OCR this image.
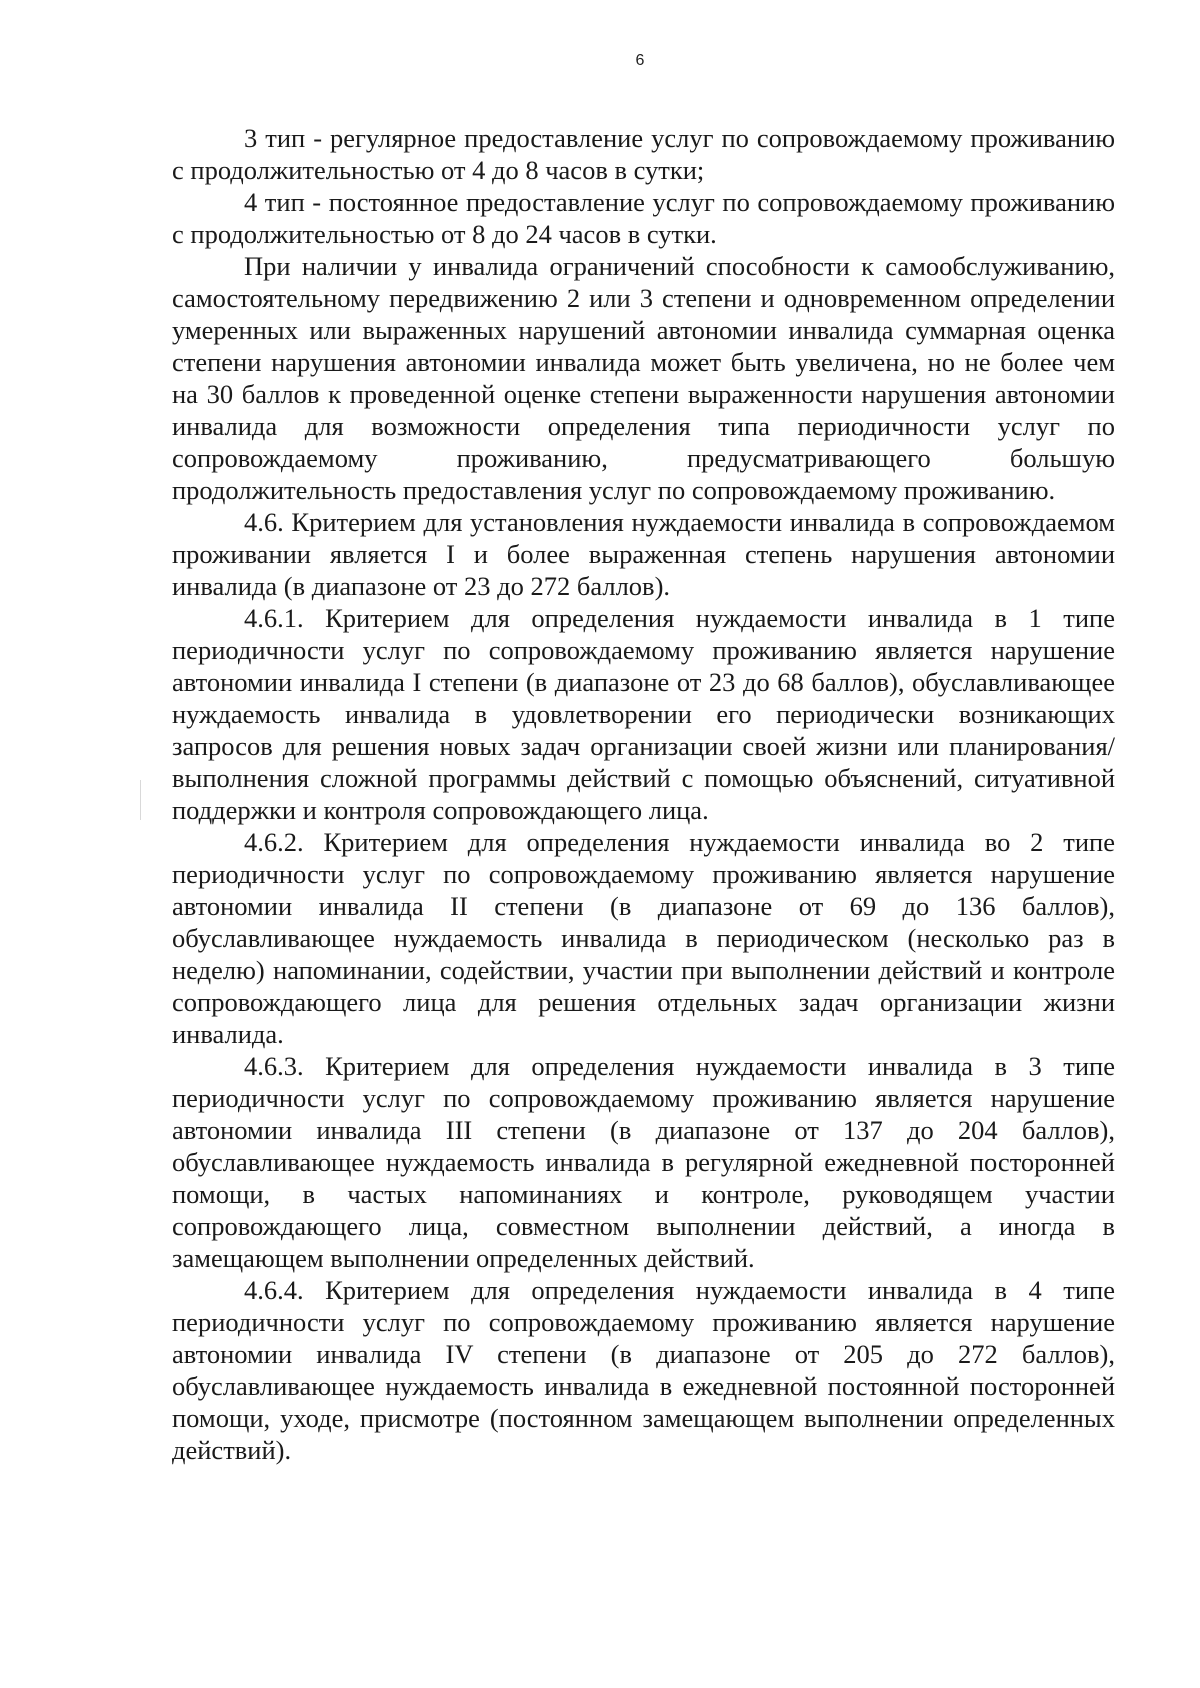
6

3 тип - регулярное предоставление услуг по сопровождаемому проживанию с продолжительностью от 4 до 8 часов в сутки;

4 тип - постоянное предоставление услуг по сопровождаемому проживанию с продолжительностью от 8 до 24 часов в сутки.

При наличии у инвалида ограничений способности к самообслуживанию, самостоятельному передвижению 2 или 3 степени и одновременном определении умеренных или выраженных нарушений автономии инвалида суммарная оценка степени нарушения автономии инвалида может быть увеличена, но не более чем на 30 баллов к проведенной оценке степени выраженности нарушения автономии инвалида для возможности определения типа периодичности услуг по сопровождаемому проживанию, предусматривающего большую продолжительность предоставления услуг по сопровождаемому проживанию.

4.6. Критерием для установления нуждаемости инвалида в сопровождаемом проживании является I и более выраженная степень нарушения автономии инвалида (в диапазоне от 23 до 272 баллов).

4.6.1. Критерием для определения нуждаемости инвалида в 1 типе периодичности услуг по сопровождаемому проживанию является нарушение автономии инвалида I степени (в диапазоне от 23 до 68 баллов), обуславливающее нуждаемость инвалида в удовлетворении его периодически возникающих запросов для решения новых задач организации своей жизни или планирования/выполнения сложной программы действий с помощью объяснений, ситуативной поддержки и контроля сопровождающего лица.

4.6.2. Критерием для определения нуждаемости инвалида во 2 типе периодичности услуг по сопровождаемому проживанию является нарушение автономии инвалида II степени (в диапазоне от 69 до 136 баллов), обуславливающее нуждаемость инвалида в периодическом (несколько раз в неделю) напоминании, содействии, участии при выполнении действий и контроле сопровождающего лица для решения отдельных задач организации жизни инвалида.

4.6.3. Критерием для определения нуждаемости инвалида в 3 типе периодичности услуг по сопровождаемому проживанию является нарушение автономии инвалида III степени (в диапазоне от 137 до 204 баллов), обуславливающее нуждаемость инвалида в регулярной ежедневной посторонней помощи, в частых напоминаниях и контроле, руководящем участии сопровождающего лица, совместном выполнении действий, а иногда в замещающем выполнении определенных действий.

4.6.4. Критерием для определения нуждаемости инвалида в 4 типе периодичности услуг по сопровождаемому проживанию является нарушение автономии инвалида IV степени (в диапазоне от 205 до 272 баллов), обуславливающее нуждаемость инвалида в ежедневной постоянной посторонней помощи, уходе, присмотре (постоянном замещающем выполнении определенных действий).
